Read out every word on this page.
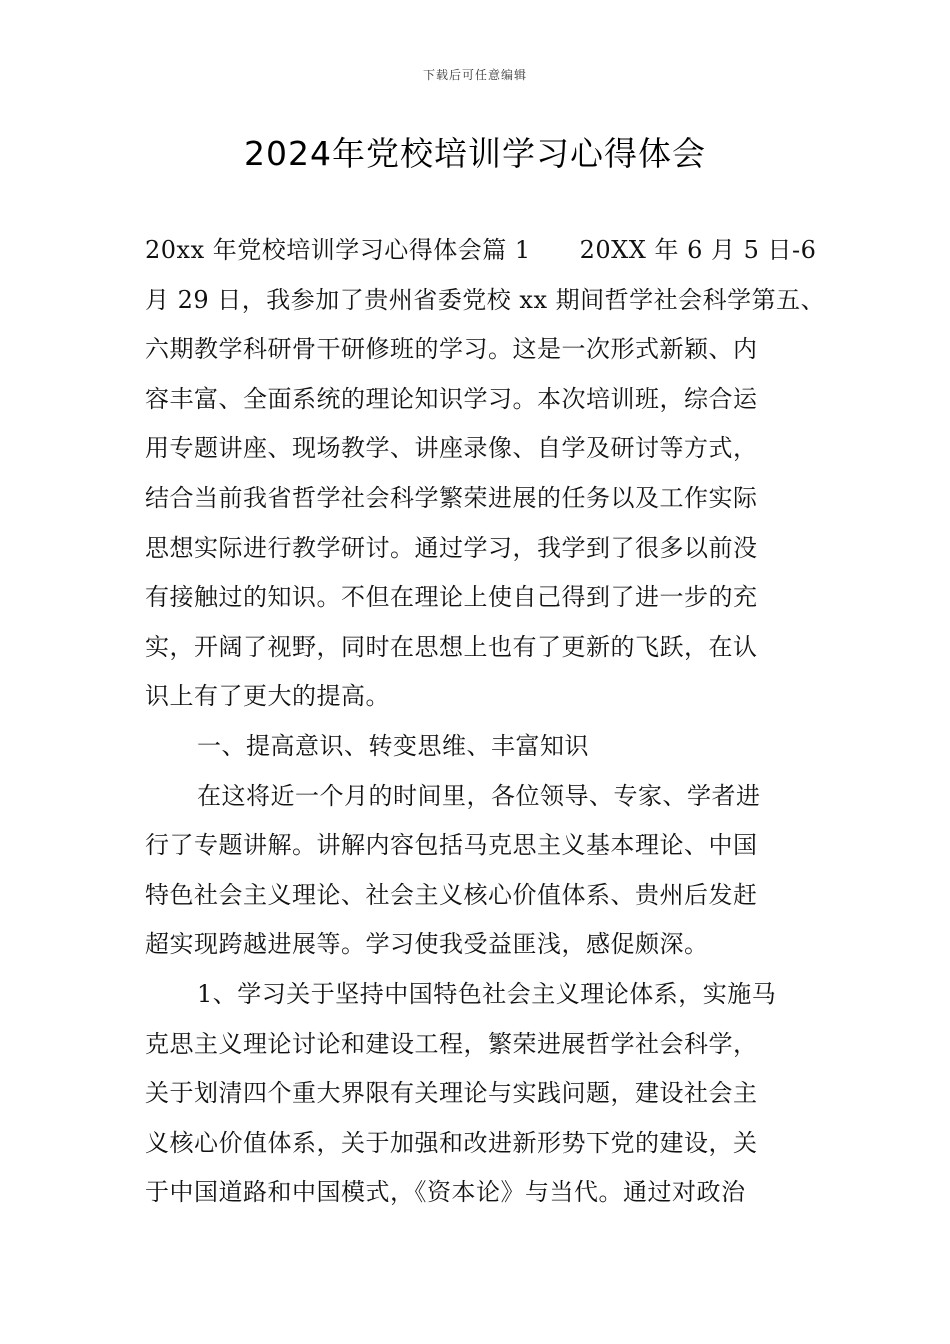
下载后可任意编辑
2024年党校培训学习心得体会
20xx 年党校培训学习心得体会篇 1　　20XX 年 6 月 5 日-6
月 29 日，我参加了贵州省委党校 xx 期间哲学社会科学第五、
六期教学科研骨干研修班的学习。这是一次形式新颖、内
容丰富、全面系统的理论知识学习。本次培训班，综合运
用专题讲座、现场教学、讲座录像、自学及研讨等方式，
结合当前我省哲学社会科学繁荣进展的任务以及工作实际
思想实际进行教学研讨。通过学习，我学到了很多以前没
有接触过的知识。不但在理论上使自己得到了进一步的充
实，开阔了视野，同时在思想上也有了更新的飞跃，在认
识上有了更大的提高。
一、提高意识、转变思维、丰富知识
在这将近一个月的时间里，各位领导、专家、学者进
行了专题讲解。讲解内容包括马克思主义基本理论、中国
特色社会主义理论、社会主义核心价值体系、贵州后发赶
超实现跨越进展等。学习使我受益匪浅，感促颇深。
1、学习关于坚持中国特色社会主义理论体系，实施马
克思主义理论讨论和建设工程，繁荣进展哲学社会科学，
关于划清四个重大界限有关理论与实践问题，建设社会主
义核心价值体系，关于加强和改进新形势下党的建设，关
于中国道路和中国模式，《资本论》与当代。通过对政治
